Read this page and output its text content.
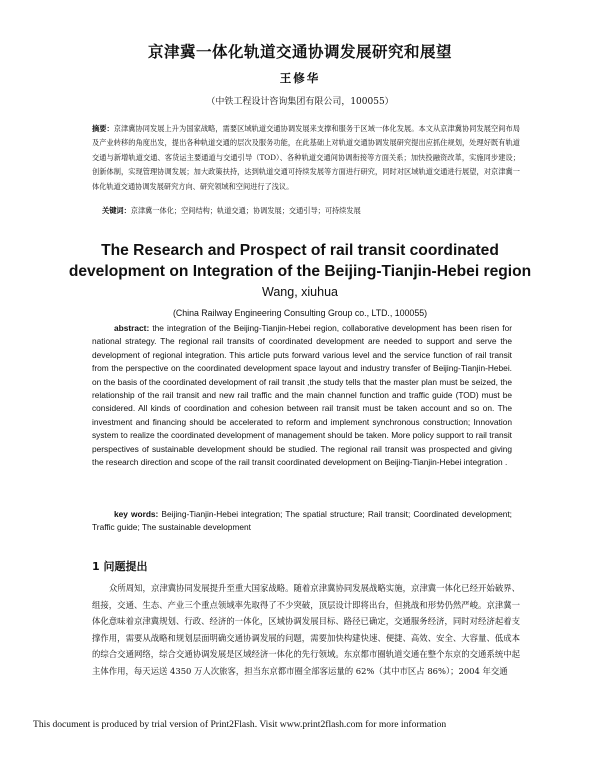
京津冀一体化轨道交通协调发展研究和展望
王修华
（中铁工程设计咨询集团有限公司，100055）
摘要：京津冀协同发展上升为国家战略，需要区域轨道交通协调发展来支撑和服务于区域一体化发展。本文从京津冀协同发展空间布局及产业转移的角度出发，提出各种轨道交通的层次及服务功能，在此基础上对轨道交通协调发展研究提出应抓住规划，处理好既有轨道交通与新增轨道交通、客货运主要通道与交通引导（TOD）、各种轨道交通间协调衔接等方面关系；加快投融资改革，实施同步建设；创新体制，实现管理协调发展；加大政策扶持，达到轨道交通可持续发展等方面进行研究，同时对区域轨道交通进行展望，对京津冀一体化轨道交通协调发展研究方向、研究领域和空间进行了浅议。
关键词：京津冀一体化；空间结构；轨道交通；协调发展；交通引导；可持续发展
The Research and Prospect of rail transit coordinated
development on Integration of the Beijing-Tianjin-Hebei region
Wang, xiuhua
(China Railway Engineering Consulting Group co., LTD., 100055)
abstract: the integration of the Beijing-Tianjin-Hebei region, collaborative development has been risen for national strategy. The regional rail transits of coordinated development are needed to support and serve the development of regional integration. This article puts forward various level and the service function of rail transit from the perspective on the coordinated development space layout and industry transfer of Beijing-Tianjin-Hebei. on the basis of the coordinated development of rail transit ,the study tells that the master plan must be seized, the relationship of the rail transit and new rail traffic and the main channel function and traffic guide (TOD) must be considered. All kinds of coordination and cohesion between rail transit must be taken account and so on. The investment and financing should be accelerated to reform and implement synchronous construction; Innovation system to realize the coordinated development of management should be taken. More policy support to rail transit perspectives of sustainable development should be studied. The regional rail transit was prospected and giving the research direction and scope of the rail transit coordinated development on Beijing-Tianjin-Hebei integration .
key words: Beijing-Tianjin-Hebei integration; The spatial structure; Rail transit; Coordinated development; Traffic guide; The sustainable development
1 问题提出
众所周知，京津冀协同发展提升至重大国家战略。随着京津冀协同发展战略实施，京津冀一体化已经开始破界、组接，交通、生态、产业三个重点领域率先取得了不少突破，顶层设计即将出台，但挑战和形势仍然严峻。京津冀一体化意味着京津冀规划、行政、经济的一体化，区域协调发展目标、路径已确定，交通服务经济，同时对经济起着支撑作用，需要从战略和规划层面明确交通协调发展的问题，需要加快构建快速、便捷、高效、安全、大容量、低成本的综合交通网络，综合交通协调发展是区域经济一体化的先行领域。东京都市圈轨道交通在整个东京的交通系统中起主体作用，每天运送 4350 万人次旅客，担当东京都市圈全部客运量的 62%（其中市区占 86%）；2004 年交通
This document is produced by trial version of Print2Flash. Visit www.print2flash.com for more information
